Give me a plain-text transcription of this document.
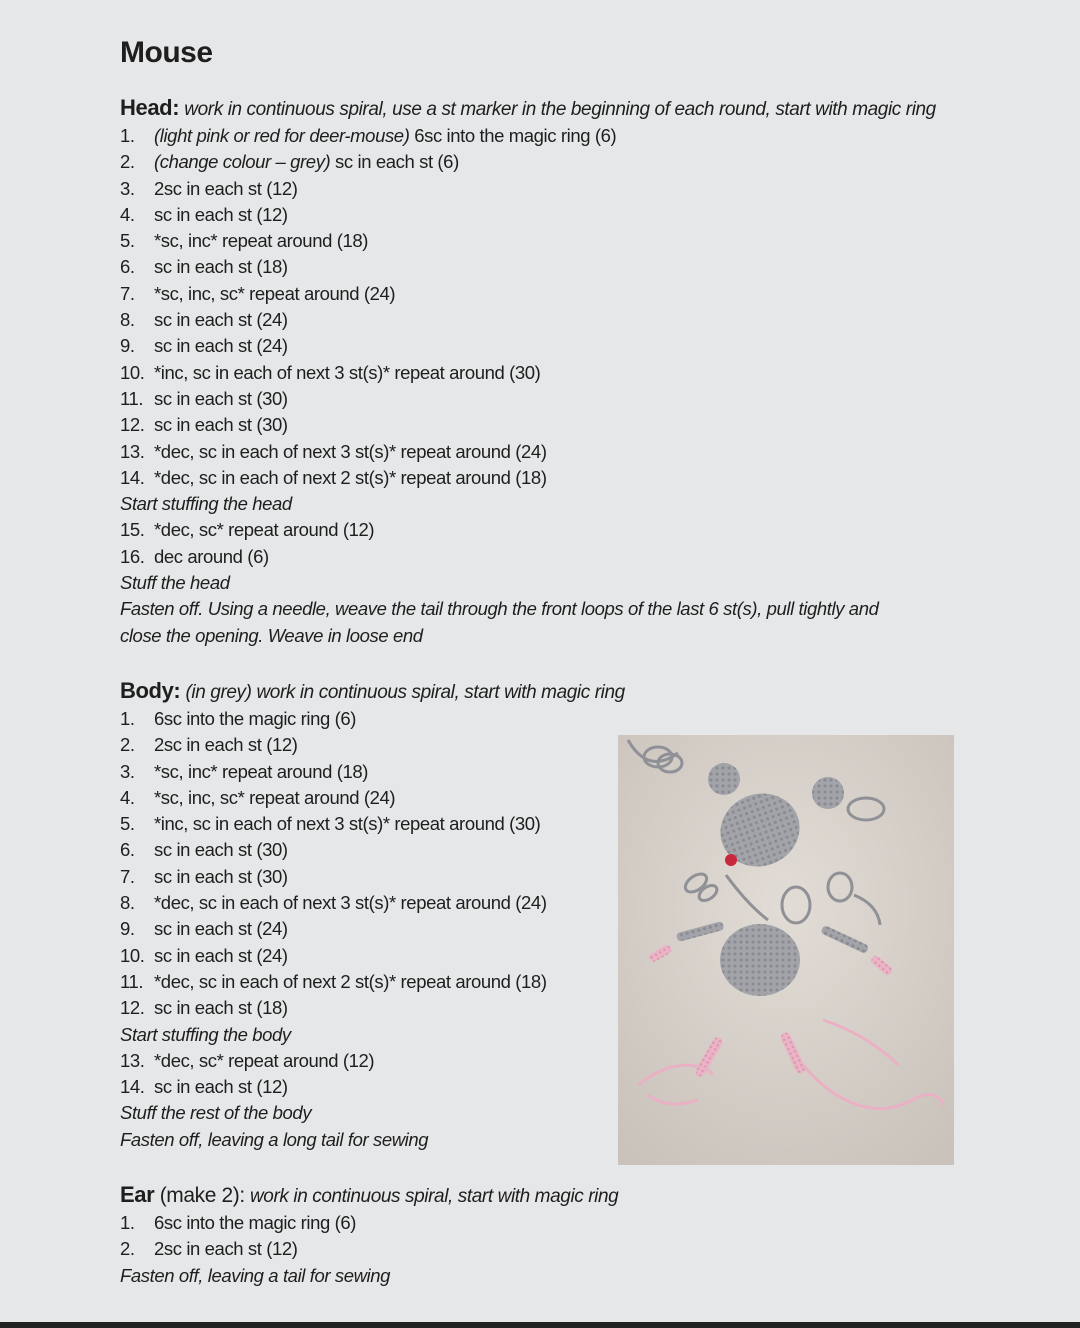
Mouse
Head: work in continuous spiral, use a st marker in the beginning of each round, start with magic ring
1. (light pink or red for deer-mouse) 6sc into the magic ring (6)
2. (change colour – grey) sc in each st (6)
3. 2sc in each st (12)
4. sc in each st (12)
5. *sc, inc* repeat around (18)
6. sc in each st (18)
7. *sc, inc, sc* repeat around (24)
8. sc in each st (24)
9. sc in each st (24)
10. *inc, sc in each of next 3 st(s)* repeat around (30)
11. sc in each st (30)
12. sc in each st (30)
13. *dec, sc in each of next 3 st(s)* repeat around (24)
14. *dec, sc in each of next 2 st(s)* repeat around (18)
Start stuffing the head
15. *dec, sc* repeat around (12)
16. dec around (6)
Stuff the head
Fasten off. Using a needle, weave the tail through the front loops of the last 6 st(s), pull tightly and
close the opening. Weave in loose end
Body: (in grey) work in continuous spiral, start with magic ring
1. 6sc into the magic ring (6)
2. 2sc in each st (12)
3. *sc, inc* repeat around (18)
4. *sc, inc, sc* repeat around (24)
5. *inc, sc in each of next 3 st(s)* repeat around (30)
6. sc in each st (30)
7. sc in each st (30)
8. *dec, sc in each of next 3 st(s)* repeat around (24)
9. sc in each st (24)
10. sc in each st (24)
11. *dec, sc in each of next 2 st(s)* repeat around (18)
12. sc in each st (18)
Start stuffing the body
13. *dec, sc* repeat around (12)
14. sc in each st (12)
Stuff the rest of the body
Fasten off, leaving a long tail for sewing
Ear (make 2): work in continuous spiral, start with magic ring
1. 6sc into the magic ring (6)
2. 2sc in each st (12)
Fasten off, leaving a tail for sewing
